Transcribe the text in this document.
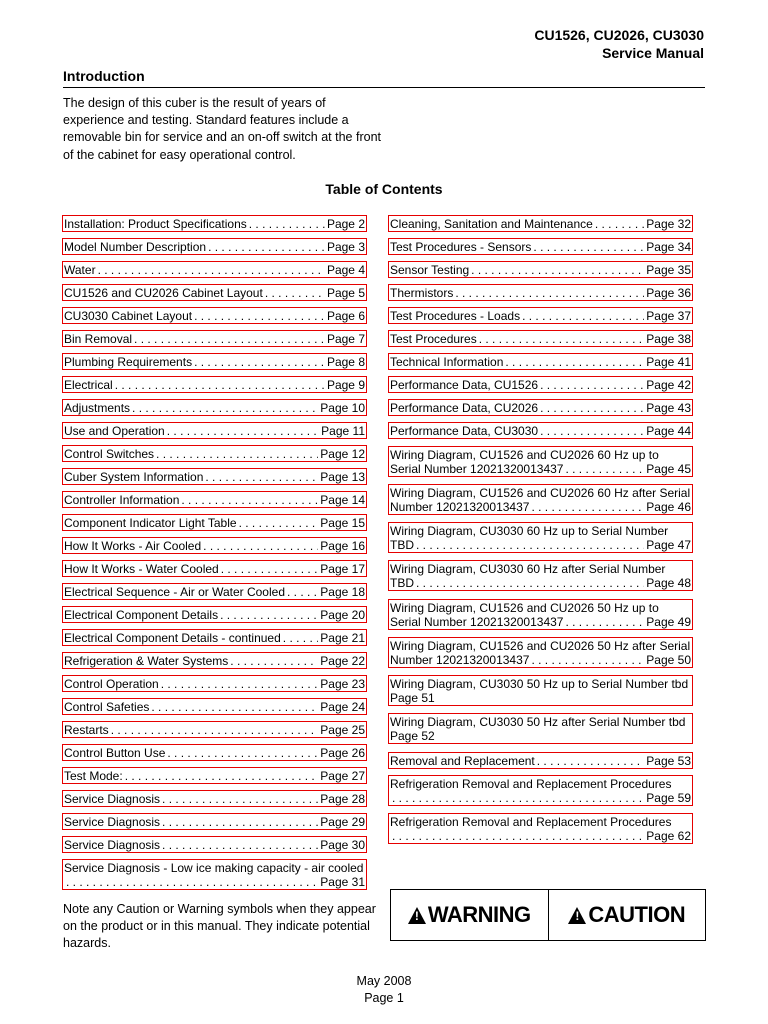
CU1526, CU2026, CU3030
Service Manual
Introduction
The design of this cuber is the result of years of experience and testing. Standard features include a removable bin for service and an on-off switch at the front of the cabinet for easy operational control.
Table of Contents
Installation: Product Specifications . . .	Page 2
Model Number Description . . .	Page 3
Water . . .	Page 4
CU1526 and CU2026 Cabinet Layout . . .	Page 5
CU3030 Cabinet Layout . . .	Page 6
Bin Removal . . .	Page 7
Plumbing Requirements . . .	Page 8
Electrical . . .	Page 9
Adjustments . . .	Page 10
Use and Operation . . .	Page 11
Control Switches . . .	Page 12
Cuber System Information . . .	Page 13
Controller Information . . .	Page 14
Component Indicator Light Table . . .	Page 15
How It Works - Air Cooled . . .	Page 16
How It Works - Water Cooled . . .	Page 17
Electrical Sequence - Air or Water Cooled . . .	Page 18
Electrical Component Details . . .	Page 20
Electrical Component Details - continued . . .	Page 21
Refrigeration & Water Systems . . .	Page 22
Control Operation . . .	Page 23
Control Safeties . . .	Page 24
Restarts . . .	Page 25
Control Button Use . . .	Page 26
Test Mode: . . .	Page 27
Service Diagnosis . . .	Page 28
Service Diagnosis . . .	Page 29
Service Diagnosis . . .	Page 30
Service Diagnosis - Low ice making capacity - air cooled
. . .
Page 31
Cleaning, Sanitation and Maintenance . . .	Page 32
Test Procedures - Sensors . . .	Page 34
Sensor Testing . . .	Page 35
Thermistors . . .	Page 36
Test Procedures - Loads . . .	Page 37
Test Procedures . . .	Page 38
Technical Information . . .	Page 41
Performance Data, CU1526 . . .	Page 42
Performance Data, CU2026 . . .	Page 43
Performance Data, CU3030 . . .	Page 44
Wiring Diagram, CU1526 and CU2026 60 Hz up to
Serial Number 12021320013437 . . .	Page 45
Wiring Diagram, CU1526 and CU2026 60 Hz after Serial
Number 12021320013437 . . .	Page 46
Wiring Diagram, CU3030 60 Hz up to Serial Number
TBD . . .	Page 47
Wiring Diagram, CU3030 60 Hz after Serial Number
TBD . . .	Page 48
Wiring Diagram, CU1526 and CU2026 50 Hz up to
Serial Number 12021320013437 . . .	Page 49
Wiring Diagram, CU1526 and CU2026 50 Hz after Serial
Number 12021320013437 . . .	Page 50
Wiring Diagram, CU3030 50 Hz up to Serial Number tbd
Page 51
Wiring Diagram, CU3030 50 Hz after Serial Number tbd
Page 52
Removal and Replacement . . .	Page 53
Refrigeration Removal and Replacement Procedures
. . .
Page 59
Refrigeration Removal and Replacement Procedures
. . .
Page 62
Note any Caution or Warning symbols when they appear on the product or in this manual. They indicate potential hazards.
! WARNING	! CAUTION
May 2008
Page 1
